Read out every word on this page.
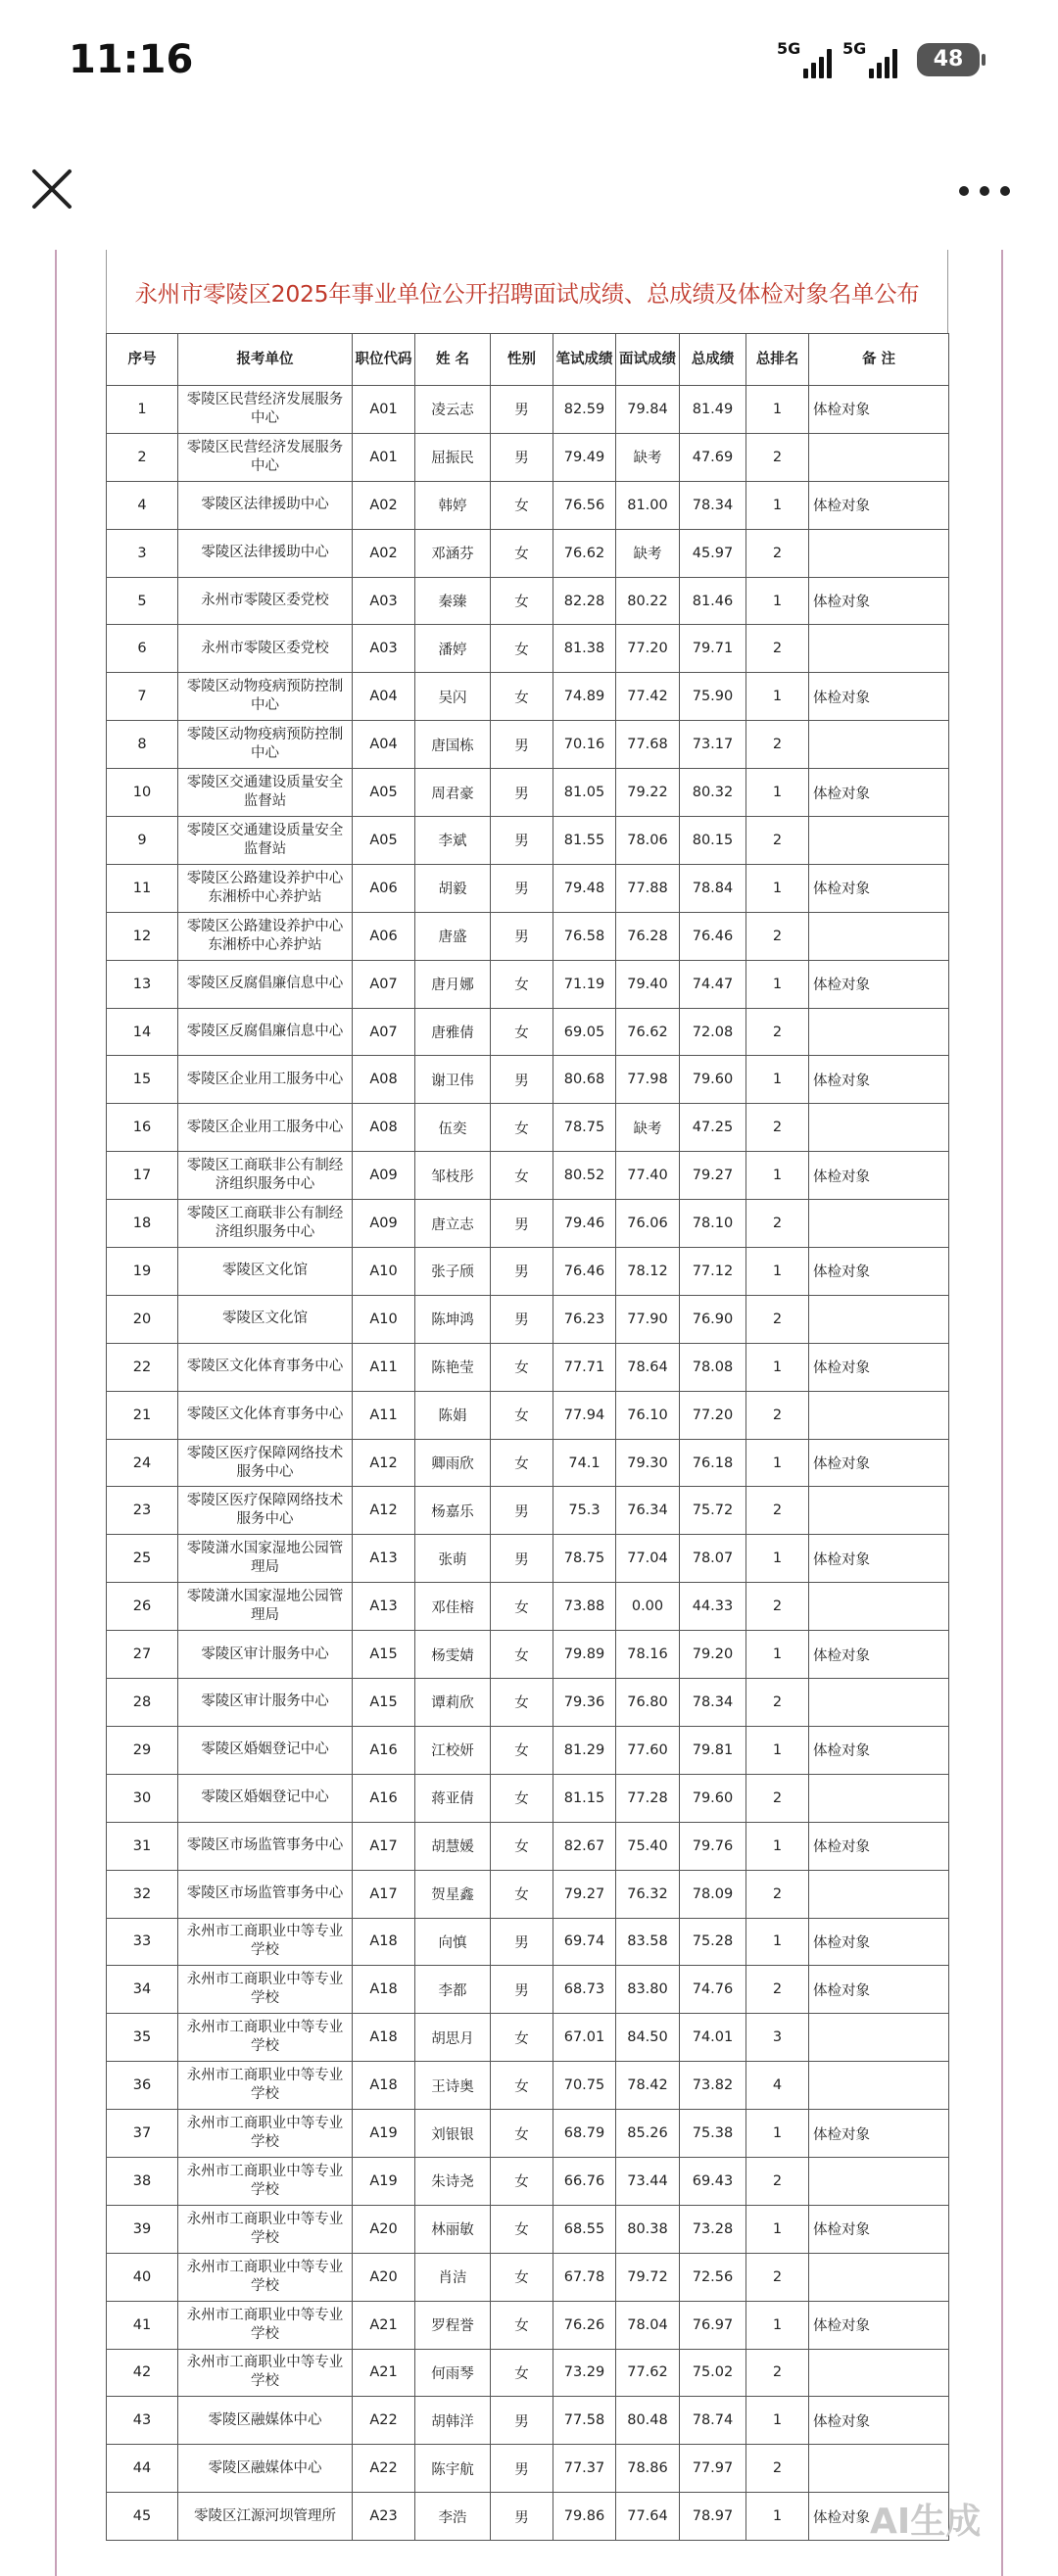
11:16	5G	5G	48
永州市零陵区2025年事业单位公开招聘面试成绩、总成绩及体检对象名单公布
序号	报考单位	职位代码	姓 名	性别	笔试成绩	面试成绩	总成绩	总排名	备 注
1	零陵区民营经济发展服务中心	A01	凌云志	男	82.59	79.84	81.49	1	体检对象
2	零陵区民营经济发展服务中心	A01	屈振民	男	79.49	缺考	47.69	2	
4	零陵区法律援助中心	A02	韩婷	女	76.56	81.00	78.34	1	体检对象
3	零陵区法律援助中心	A02	邓涵芬	女	76.62	缺考	45.97	2	
5	永州市零陵区委党校	A03	秦臻	女	82.28	80.22	81.46	1	体检对象
6	永州市零陵区委党校	A03	潘婷	女	81.38	77.20	79.71	2	
7	零陵区动物疫病预防控制中心	A04	吴闪	女	74.89	77.42	75.90	1	体检对象
8	零陵区动物疫病预防控制中心	A04	唐国栋	男	70.16	77.68	73.17	2	
10	零陵区交通建设质量安全监督站	A05	周君豪	男	81.05	79.22	80.32	1	体检对象
9	零陵区交通建设质量安全监督站	A05	李斌	男	81.55	78.06	80.15	2	
11	零陵区公路建设养护中心东湘桥中心养护站	A06	胡毅	男	79.48	77.88	78.84	1	体检对象
12	零陵区公路建设养护中心东湘桥中心养护站	A06	唐盛	男	76.58	76.28	76.46	2	
13	零陵区反腐倡廉信息中心	A07	唐月娜	女	71.19	79.40	74.47	1	体检对象
14	零陵区反腐倡廉信息中心	A07	唐雅倩	女	69.05	76.62	72.08	2	
15	零陵区企业用工服务中心	A08	谢卫伟	男	80.68	77.98	79.60	1	体检对象
16	零陵区企业用工服务中心	A08	伍奕	女	78.75	缺考	47.25	2	
17	零陵区工商联非公有制经济组织服务中心	A09	邹枝彤	女	80.52	77.40	79.27	1	体检对象
18	零陵区工商联非公有制经济组织服务中心	A09	唐立志	男	79.46	76.06	78.10	2	
19	零陵区文化馆	A10	张子颀	男	76.46	78.12	77.12	1	体检对象
20	零陵区文化馆	A10	陈坤鸿	男	76.23	77.90	76.90	2	
22	零陵区文化体育事务中心	A11	陈艳莹	女	77.71	78.64	78.08	1	体检对象
21	零陵区文化体育事务中心	A11	陈娟	女	77.94	76.10	77.20	2	
24	零陵区医疗保障网络技术服务中心	A12	卿雨欣	女	74.1	79.30	76.18	1	体检对象
23	零陵区医疗保障网络技术服务中心	A12	杨嘉乐	男	75.3	76.34	75.72	2	
25	零陵潇水国家湿地公园管理局	A13	张萌	男	78.75	77.04	78.07	1	体检对象
26	零陵潇水国家湿地公园管理局	A13	邓佳榕	女	73.88	0.00	44.33	2	
27	零陵区审计服务中心	A15	杨雯婧	女	79.89	78.16	79.20	1	体检对象
28	零陵区审计服务中心	A15	谭莉欣	女	79.36	76.80	78.34	2	
29	零陵区婚姻登记中心	A16	江校妍	女	81.29	77.60	79.81	1	体检对象
30	零陵区婚姻登记中心	A16	蒋亚倩	女	81.15	77.28	79.60	2	
31	零陵区市场监管事务中心	A17	胡慧媛	女	82.67	75.40	79.76	1	体检对象
32	零陵区市场监管事务中心	A17	贺星鑫	女	79.27	76.32	78.09	2	
33	永州市工商职业中等专业学校	A18	向慎	男	69.74	83.58	75.28	1	体检对象
34	永州市工商职业中等专业学校	A18	李都	男	68.73	83.80	74.76	2	体检对象
35	永州市工商职业中等专业学校	A18	胡思月	女	67.01	84.50	74.01	3	
36	永州市工商职业中等专业学校	A18	王诗奥	女	70.75	78.42	73.82	4	
37	永州市工商职业中等专业学校	A19	刘银银	女	68.79	85.26	75.38	1	体检对象
38	永州市工商职业中等专业学校	A19	朱诗尧	女	66.76	73.44	69.43	2	
39	永州市工商职业中等专业学校	A20	林丽敏	女	68.55	80.38	73.28	1	体检对象
40	永州市工商职业中等专业学校	A20	肖洁	女	67.78	79.72	72.56	2	
41	永州市工商职业中等专业学校	A21	罗程誉	女	76.26	78.04	76.97	1	体检对象
42	永州市工商职业中等专业学校	A21	何雨琴	女	73.29	77.62	75.02	2	
43	零陵区融媒体中心	A22	胡韩洋	男	77.58	80.48	78.74	1	体检对象
44	零陵区融媒体中心	A22	陈宇航	男	77.37	78.86	77.97	2	
45	零陵区江源河坝管理所	A23	李浩	男	79.86	77.64	78.97	1	体检对象 AI生成
